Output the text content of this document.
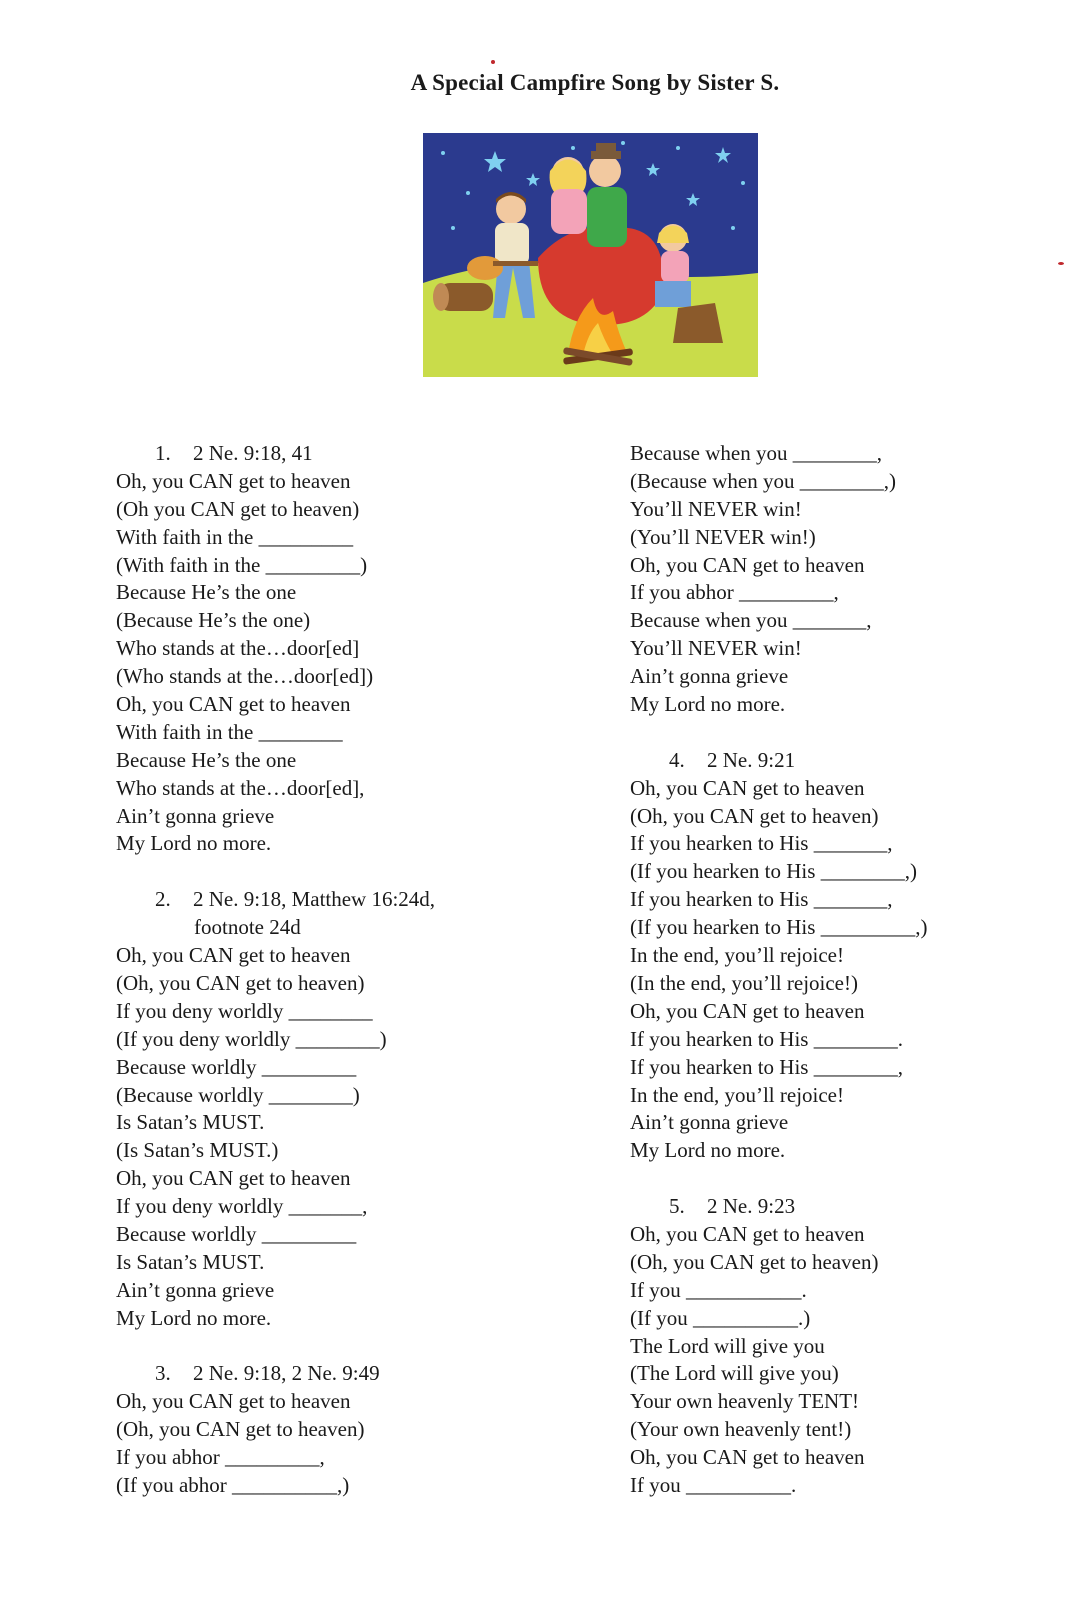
A Special Campfire Song by Sister S.
1. 2 Ne. 9:18, 41
Oh, you CAN get to heaven
(Oh you CAN get to heaven)
With faith in the _________
(With faith in the _________)
Because He’s the one
(Because He’s the one)
Who stands at the…door[ed]
(Who stands at the…door[ed])
Oh, you CAN get to heaven
With faith in the ________
Because He’s the one
Who stands at the…door[ed],
Ain’t gonna grieve
My Lord no more.
2. 2 Ne. 9:18, Matthew 16:24d,
footnote 24d
Oh, you CAN get to heaven
(Oh, you CAN get to heaven)
If you deny worldly ________
(If you deny worldly ________)
Because worldly _________
(Because worldly ________)
Is Satan’s MUST.
(Is Satan’s MUST.)
Oh, you CAN get to heaven
If you deny worldly _______,
Because worldly _________
Is Satan’s MUST.
Ain’t gonna grieve
My Lord no more.
3. 2 Ne. 9:18, 2 Ne. 9:49
Oh, you CAN get to heaven
(Oh, you CAN get to heaven)
If you abhor _________,
(If you abhor __________,)
Because when you ________,
(Because when you ________,)
You’ll NEVER win!
(You’ll NEVER win!)
Oh, you CAN get to heaven
If you abhor _________,
Because when you _______,
You’ll NEVER win!
Ain’t gonna grieve
My Lord no more.
4. 2 Ne. 9:21
Oh, you CAN get to heaven
(Oh, you CAN get to heaven)
If you hearken to His _______,
(If you hearken to His ________,)
If you hearken to His _______,
(If you hearken to His _________,)
In the end, you’ll rejoice!
(In the end, you’ll rejoice!)
Oh, you CAN get to heaven
If you hearken to His ________.
If you hearken to His ________,
In the end, you’ll rejoice!
Ain’t gonna grieve
My Lord no more.
5. 2 Ne. 9:23
Oh, you CAN get to heaven
(Oh, you CAN get to heaven)
If you ___________.
(If you __________.)
The Lord will give you
(The Lord will give you)
Your own heavenly TENT!
(Your own heavenly tent!)
Oh, you CAN get to heaven
If you __________.
